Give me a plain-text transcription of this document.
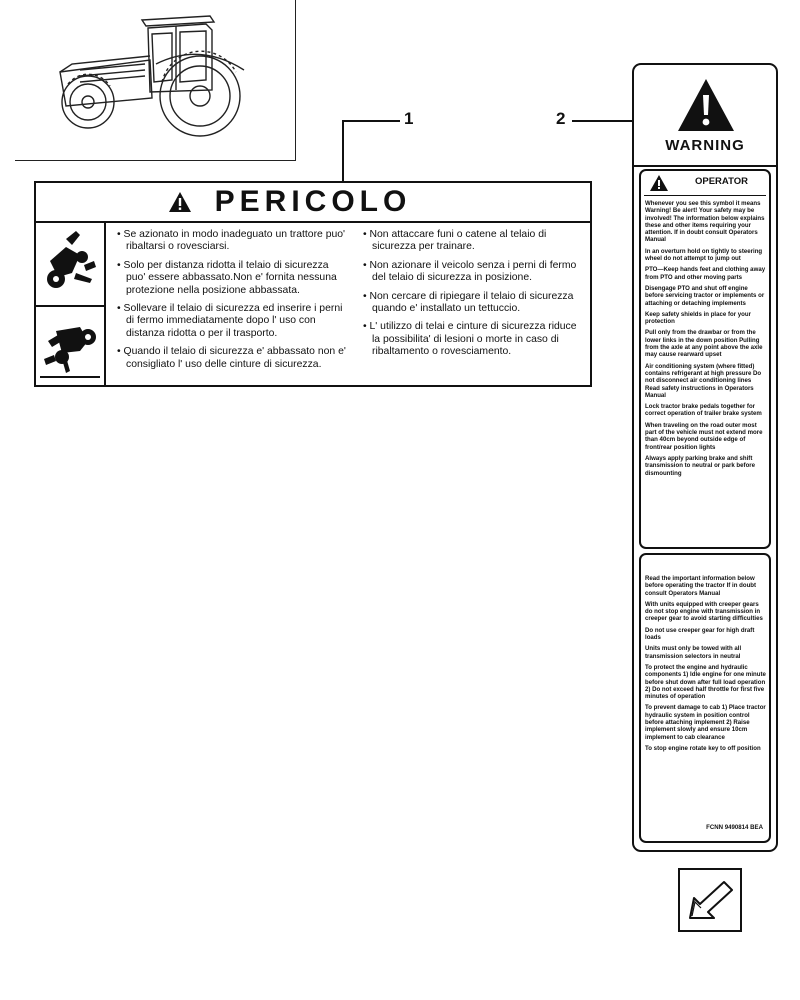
1	2
PERICOLO
• Se azionato in modo inadeguato un trattore puo' ribaltarsi o rovesciarsi.
• Solo per distanza ridotta il telaio di sicurezza puo' essere abbassato.Non e' fornita nessuna protezione nella posizione abbassata.
• Sollevare il telaio di sicurezza ed inserire i perni di fermo immediatamente dopo l' uso con distanza ridotta o per il trasporto.
• Quando il telaio di sicurezza e' abbassato non e' consigliato l' uso delle cinture di sicurezza.
• Non attaccare funi o catene al telaio di sicurezza per trainare.
• Non azionare il veicolo senza i perni di fermo del telaio di sicurezza in posizione.
• Non cercare di ripiegare il telaio di sicurezza quando e' installato un tettuccio.
• L' utilizzo di telai e cinture di sicurezza riduce la possibilita' di lesioni o morte in caso di ribaltamento o rovesciamento.
WARNING
OPERATOR

Whenever you see this symbol it means Warning! Be alert! Your safety may be involved! The information below explains these and other items requiring your attention. If in doubt consult Operators Manual

In an overturn hold on tightly to steering wheel do not attempt to jump out

PTO—Keep hands feet and clothing away from PTO and other moving parts

Disengage PTO and shut off engine before servicing tractor or implements or attaching or detaching implements

Keep safety shields in place for your protection

Pull only from the drawbar or from the lower links in the down position Pulling from the axle at any point above the axle may cause rearward upset

Air conditioning system (where fitted) contains refrigerant at high pressure Do not disconnect air conditioning lines Read safety instructions in Operators Manual

Lock tractor brake pedals together for correct operation of trailer brake system

When traveling on the road outer most part of the vehicle must not extend more than 40cm beyond outside edge of front/rear position lights

Always apply parking brake and shift transmission to neutral or park before dismounting

Read the important information below before operating the tractor If in doubt consult Operators Manual

With units equipped with creeper gears do not stop engine with transmission in creeper gear to avoid starting difficulties

Do not use creeper gear for high draft loads

Units must only be towed with all transmission selectors in neutral

To protect the engine and hydraulic components 1) Idle engine for one minute before shut down after full load operation 2) Do not exceed half throttle for first five minutes of operation

To prevent damage to cab 1) Place tractor hydraulic system in position control before attaching implement 2) Raise implement slowly and ensure 10cm implement to cab clearance

To stop engine rotate key to off position

FCNN 9490814 BEA
